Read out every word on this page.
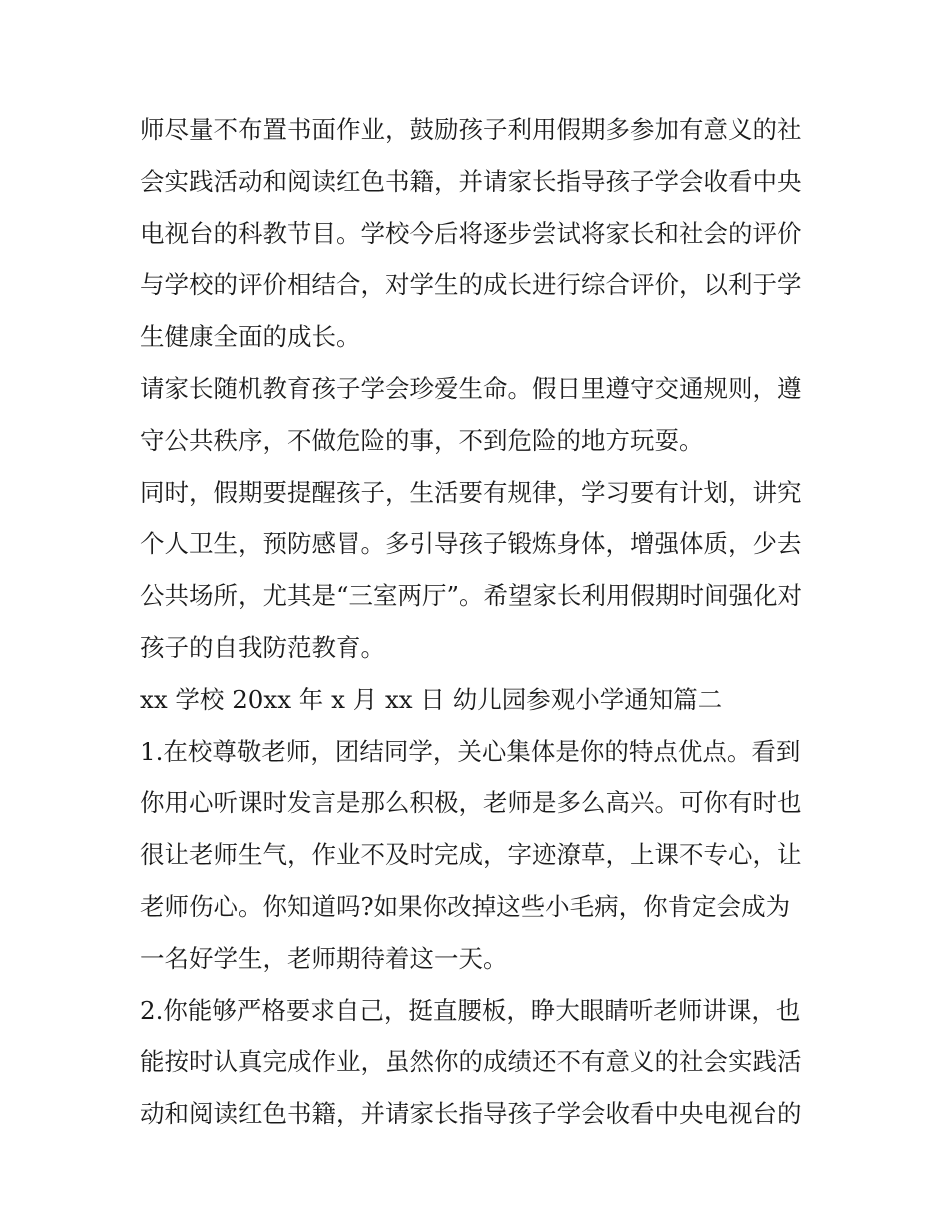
师尽量不布置书面作业，鼓励孩子利用假期多参加有意义的社
会实践活动和阅读红色书籍，并请家长指导孩子学会收看中央
电视台的科教节目。学校今后将逐步尝试将家长和社会的评价
与学校的评价相结合，对学生的成长进行综合评价，以利于学
生健康全面的成长。
请家长随机教育孩子学会珍爱生命。假日里遵守交通规则，遵
守公共秩序，不做危险的事，不到危险的地方玩耍。
同时，假期要提醒孩子，生活要有规律，学习要有计划，讲究
个人卫生，预防感冒。多引导孩子锻炼身体，增强体质，少去
公共场所，尤其是“三室两厅”。希望家长利用假期时间强化对
孩子的自我防范教育。
xx 学校 20xx 年 x 月 xx 日 幼儿园参观小学通知篇二
1.在校尊敬老师，团结同学，关心集体是你的特点优点。看到
你用心听课时发言是那么积极，老师是多么高兴。可你有时也
很让老师生气，作业不及时完成，字迹潦草，上课不专心，让
老师伤心。你知道吗?如果你改掉这些小毛病，你肯定会成为
一名好学生，老师期待着这一天。
2.你能够严格要求自己，挺直腰板，睁大眼睛听老师讲课，也
能按时认真完成作业，虽然你的成绩还不有意义的社会实践活
动和阅读红色书籍，并请家长指导孩子学会收看中央电视台的
